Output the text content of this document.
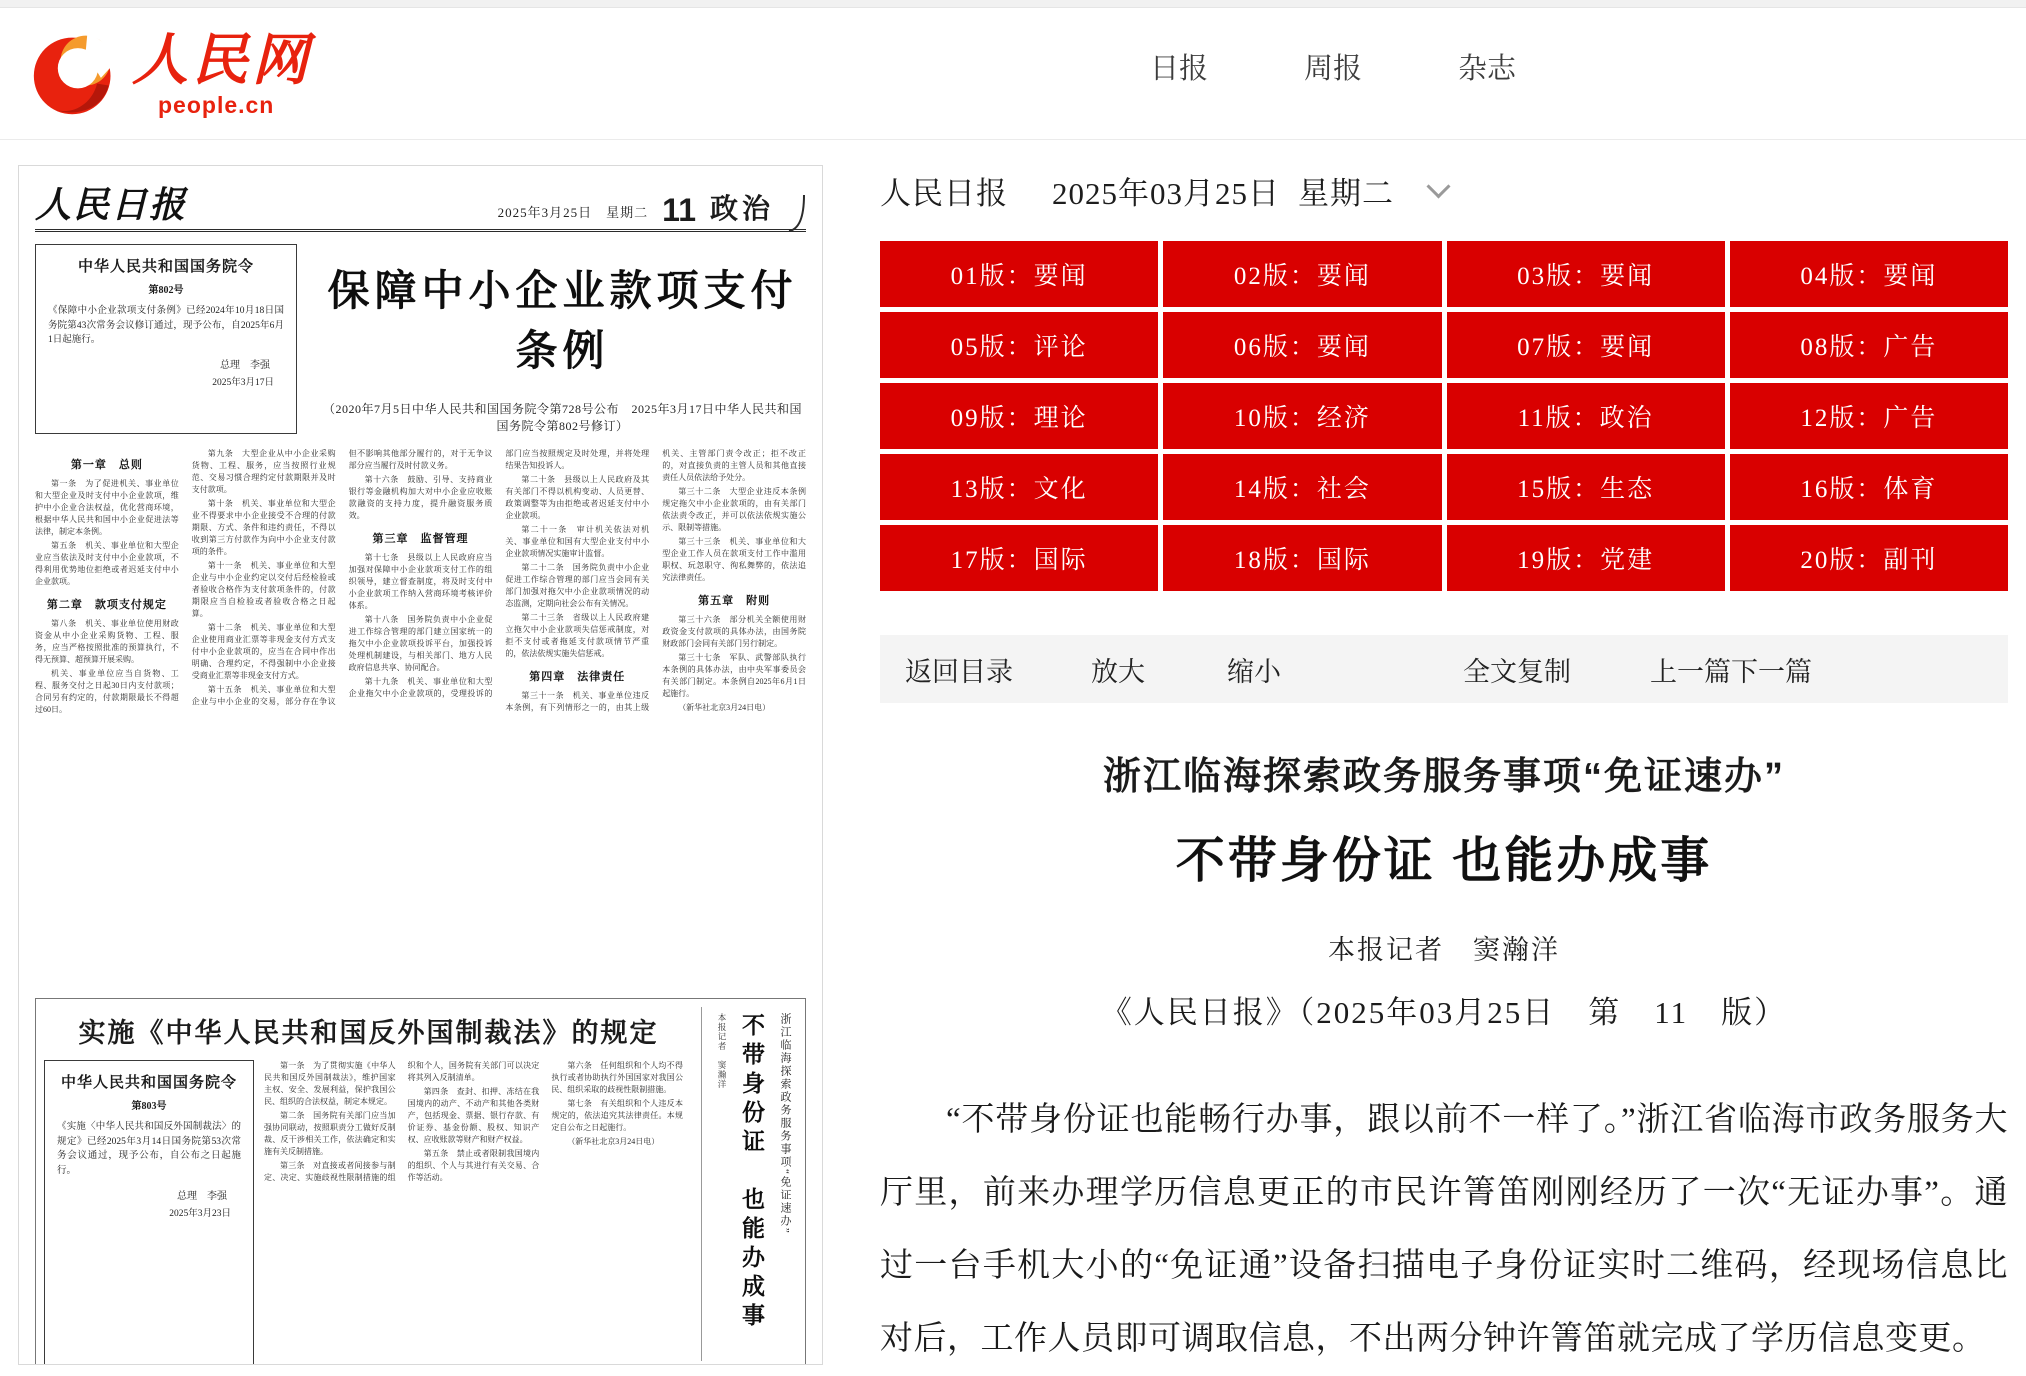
人民网
people.cn
日报	周报	杂志
人民日报	2025年3月25日　星期二 11 政治
中华人民共和国国务院令
第802号
《保障中小企业款项支付条例》已经2024年10月18日国务院第43次常务会议修订通过，现予公布，自2025年6月1日起施行。
总理　李强
2025年3月17日
保障中小企业款项支付条例
（2020年7月5日中华人民共和国国务院令第728号公布　2025年3月17日中华人民共和国国务院令第802号修订）
第一章　总则

第一条　为了促进机关、事业单位和大型企业及时支付中小企业款项，维护中小企业合法权益，优化营商环境，根据中华人民共和国中小企业促进法等法律，制定本条例。

第五条　机关、事业单位和大型企业应当依法及时支付中小企业款项，不得利用优势地位拒绝或者迟延支付中小企业款项。

第二章　款项支付规定

第八条　机关、事业单位使用财政资金从中小企业采购货物、工程、服务，应当严格按照批准的预算执行，不得无预算、超预算开展采购。

机关、事业单位应当自货物、工程、服务交付之日起30日内支付款项；合同另有约定的，付款期限最长不得超过60日。

第九条　大型企业从中小企业采购货物、工程、服务，应当按照行业规范、交易习惯合理约定付款期限并及时支付款项。

第十条　机关、事业单位和大型企业不得要求中小企业接受不合理的付款期限、方式、条件和违约责任，不得以收到第三方付款作为向中小企业支付款项的条件。

第十一条　机关、事业单位和大型企业与中小企业约定以交付后经检验或者验收合格作为支付款项条件的，付款期限应当自检验或者验收合格之日起算。

第十二条　机关、事业单位和大型企业使用商业汇票等非现金支付方式支付中小企业款项的，应当在合同中作出明确、合理约定，不得强制中小企业接受商业汇票等非现金支付方式。

第十五条　机关、事业单位和大型企业与中小企业的交易，部分存在争议但不影响其他部分履行的，对于无争议部分应当履行及时付款义务。

第十六条　鼓励、引导、支持商业银行等金融机构加大对中小企业应收账款融资的支持力度，提升融资服务质效。

第三章　监督管理

第十七条　县级以上人民政府应当加强对保障中小企业款项支付工作的组织领导，建立督查制度，将及时支付中小企业款项工作纳入营商环境考核评价体系。

第十八条　国务院负责中小企业促进工作综合管理的部门建立国家统一的拖欠中小企业款项投诉平台，加强投诉处理机制建设，与相关部门、地方人民政府信息共享、协同配合。

第十九条　机关、事业单位和大型企业拖欠中小企业款项的，受理投诉的部门应当按照规定及时处理，并将处理结果告知投诉人。

第二十条　县级以上人民政府及其有关部门不得以机构变动、人员更替、政策调整等为由拒绝或者迟延支付中小企业款项。

第二十一条　审计机关依法对机关、事业单位和国有大型企业支付中小企业款项情况实施审计监督。

第二十二条　国务院负责中小企业促进工作综合管理的部门应当会同有关部门加强对拖欠中小企业款项情况的动态监测，定期向社会公布有关情况。

第二十三条　省级以上人民政府建立拖欠中小企业款项失信惩戒制度，对拒不支付或者拖延支付款项情节严重的，依法依规实施失信惩戒。

第四章　法律责任

第三十一条　机关、事业单位违反本条例，有下列情形之一的，由其上级机关、主管部门责令改正；拒不改正的，对直接负责的主管人员和其他直接责任人员依法给予处分。

第三十二条　大型企业违反本条例规定拖欠中小企业款项的，由有关部门依法责令改正，并可以依法依规实施公示、限制等措施。

第三十三条　机关、事业单位和大型企业工作人员在款项支付工作中滥用职权、玩忽职守、徇私舞弊的，依法追究法律责任。

第五章　附则

第三十六条　部分机关全额使用财政资金支付款项的具体办法，由国务院财政部门会同有关部门另行制定。

第三十七条　军队、武警部队执行本条例的具体办法，由中央军事委员会有关部门制定。本条例自2025年6月1日起施行。

（新华社北京3月24日电）

实施《中华人民共和国反外国制裁法》的规定
中华人民共和国国务院令
第803号
《实施〈中华人民共和国反外国制裁法〉的规定》已经2025年3月14日国务院第53次常务会议通过，现予公布，自公布之日起施行。
总理　李强
2025年3月23日

第一条　为了贯彻实施《中华人民共和国反外国制裁法》，维护国家主权、安全、发展利益，保护我国公民、组织的合法权益，制定本规定。

第二条　国务院有关部门应当加强协同联动，按照职责分工做好反制裁、反干涉相关工作，依法确定和实施有关反制措施。

第三条　对直接或者间接参与制定、决定、实施歧视性限制措施的组织和个人，国务院有关部门可以决定将其列入反制清单。

第四条　查封、扣押、冻结在我国境内的动产、不动产和其他各类财产，包括现金、票据、银行存款、有价证券、基金份额、股权、知识产权、应收账款等财产和财产权益。

第五条　禁止或者限制我国境内的组织、个人与其进行有关交易、合作等活动。

第六条　任何组织和个人均不得执行或者协助执行外国国家对我国公民、组织采取的歧视性限制措施。

第七条　有关组织和个人违反本规定的，依法追究其法律责任。本规定自公布之日起施行。

（新华社北京3月24日电）	浙江临海探索政务服务事项“免证速办”
不带身份证　也能办成事
本报记者　窦瀚洋
人民日报 2025年03月25日 星期二
01版：要闻	02版：要闻	03版：要闻	04版：要闻
05版：评论	06版：要闻	07版：要闻	08版：广告
09版：理论	10版：经济	11版：政治	12版：广告
13版：文化	14版：社会	15版：生态	16版：体育
17版：国际	18版：国际	19版：党建	20版：副刊
返回目录	放大	缩小	全文复制	上一篇 下一篇
浙江临海探索政务服务事项“免证速办”
不带身份证 也能办成事
本报记者　窦瀚洋
《人民日报》（2025年03月25日　第　11　版）

“不带身份证也能畅行办事，跟以前不一样了。”浙江省临海市政务服务大厅里，前来办理学历信息更正的市民许箐笛刚刚经历了一次“无证办事”。通过一台手机大小的“免证通”设备扫描电子身份证实时二维码，经现场信息比对后，工作人员即可调取信息，不出两分钟许箐笛就完成了学历信息变更。
